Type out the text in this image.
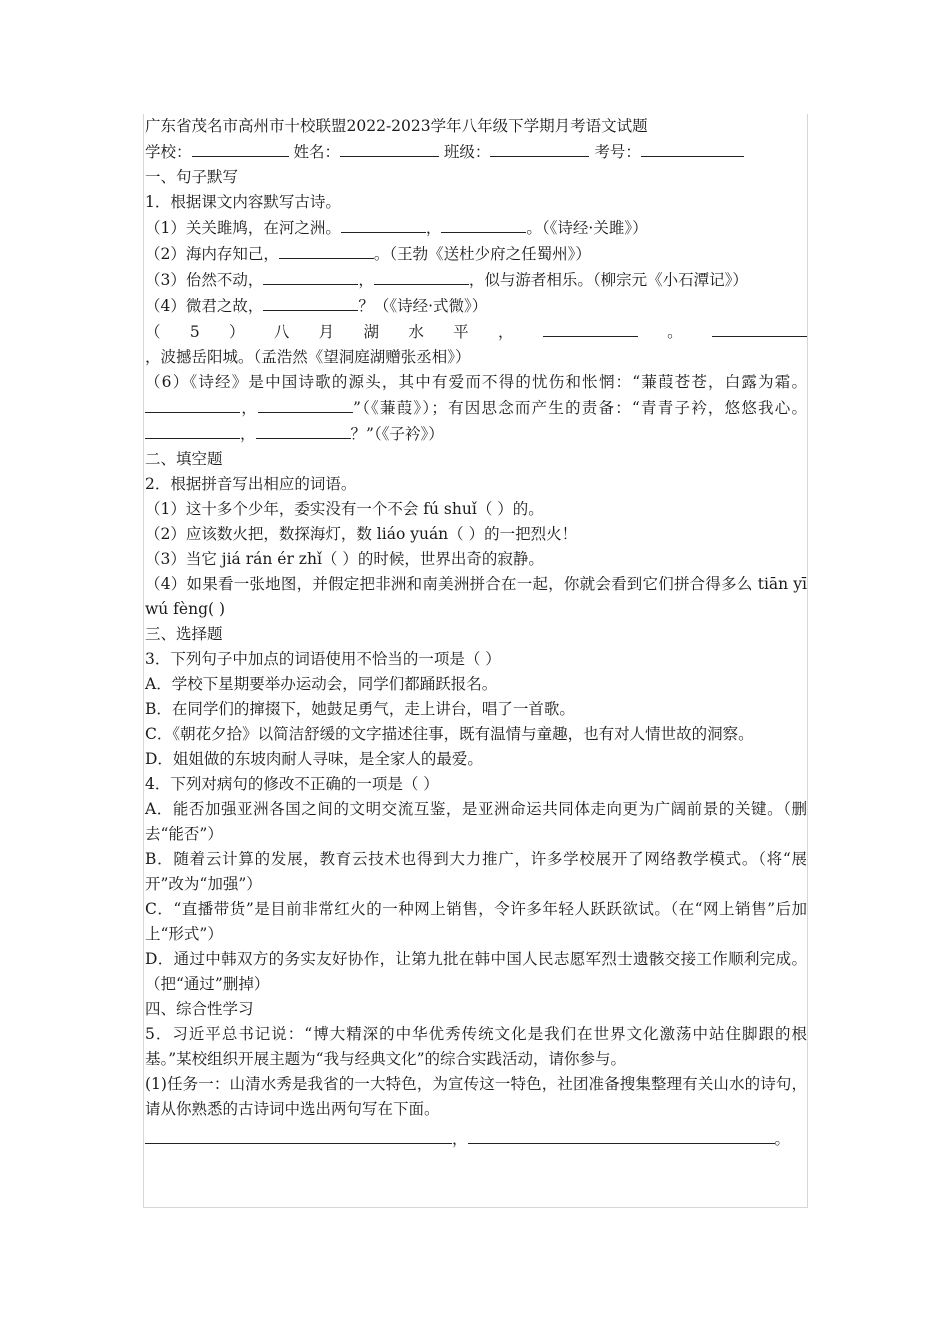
广东省茂名市高州市十校联盟2022-2023学年八年级下学期月考语文试题
学校：	姓名：	班级：	考号：
一、句子默写
1．根据课文内容默写古诗。
（1）关关雎鸠，在河之洲。	，	。（《诗经·关雎》）
（2）海内存知己，	。（王勃《送杜少府之任蜀州》）
（3）佁然不动，	，	，似与游者相乐。（柳宗元《小石潭记》）
（4）微君之故，	？（《诗经·式微》）
（5）八月湖水平，	。，波撼岳阳城。（孟浩然《望洞庭湖赠张丞相》）
（6）《诗经》是中国诗歌的源头，其中有爱而不得的忧伤和怅惘：“蒹葭苍苍，白露为霜。，	”（《蒹葭》）；有因思念而产生的责备：“青青子衿，悠悠我心。，	？”（《子衿》）
二、填空题
2．根据拼音写出相应的词语。
（1）这十多个少年，委实没有一个不会 fú shuǐ（ ）的。
（2）应该数火把，数探海灯，数 liáo yuán（ ）的一把烈火！
（3）当它 jiá rán ér zhǐ（ ）的时候，世界出奇的寂静。
（4）如果看一张地图，并假定把非洲和南美洲拼合在一起，你就会看到它们拼合得多么 tiān yī wú fèng( )
三、选择题
3．下列句子中加点的词语使用不恰当的一项是（ ）
A．学校下星期要举办运动会，同学们都踊跃报名。
B．在同学们的撺掇下，她鼓足勇气，走上讲台，唱了一首歌。
C．《朝花夕拾》以简洁舒缓的文字描述往事，既有温情与童趣，也有对人情世故的洞察。
D．姐姐做的东坡肉耐人寻味，是全家人的最爱。
4．下列对病句的修改不正确的一项是（ ）
A．能否加强亚洲各国之间的文明交流互鉴，是亚洲命运共同体走向更为广阔前景的关键。（删去“能否”）
B．随着云计算的发展，教育云技术也得到大力推广，许多学校展开了网络教学模式。（将“展开”改为“加强”）
C．“直播带货”是目前非常红火的一种网上销售，令许多年轻人跃跃欲试。（在“网上销售”后加上“形式”）
D．通过中韩双方的务实友好协作，让第九批在韩中国人民志愿军烈士遗骸交接工作顺利完成。（把“通过”删掉）
四、综合性学习
5．习近平总书记说：“博大精深的中华优秀传统文化是我们在世界文化激荡中站住脚跟的根基。”某校组织开展主题为“我与经典文化”的综合实践活动，请你参与。
(1)任务一：山清水秀是我省的一大特色，为宣传这一特色，社团准备搜集整理有关山水的诗句，请从你熟悉的古诗词中选出两句写在下面。
，	。
